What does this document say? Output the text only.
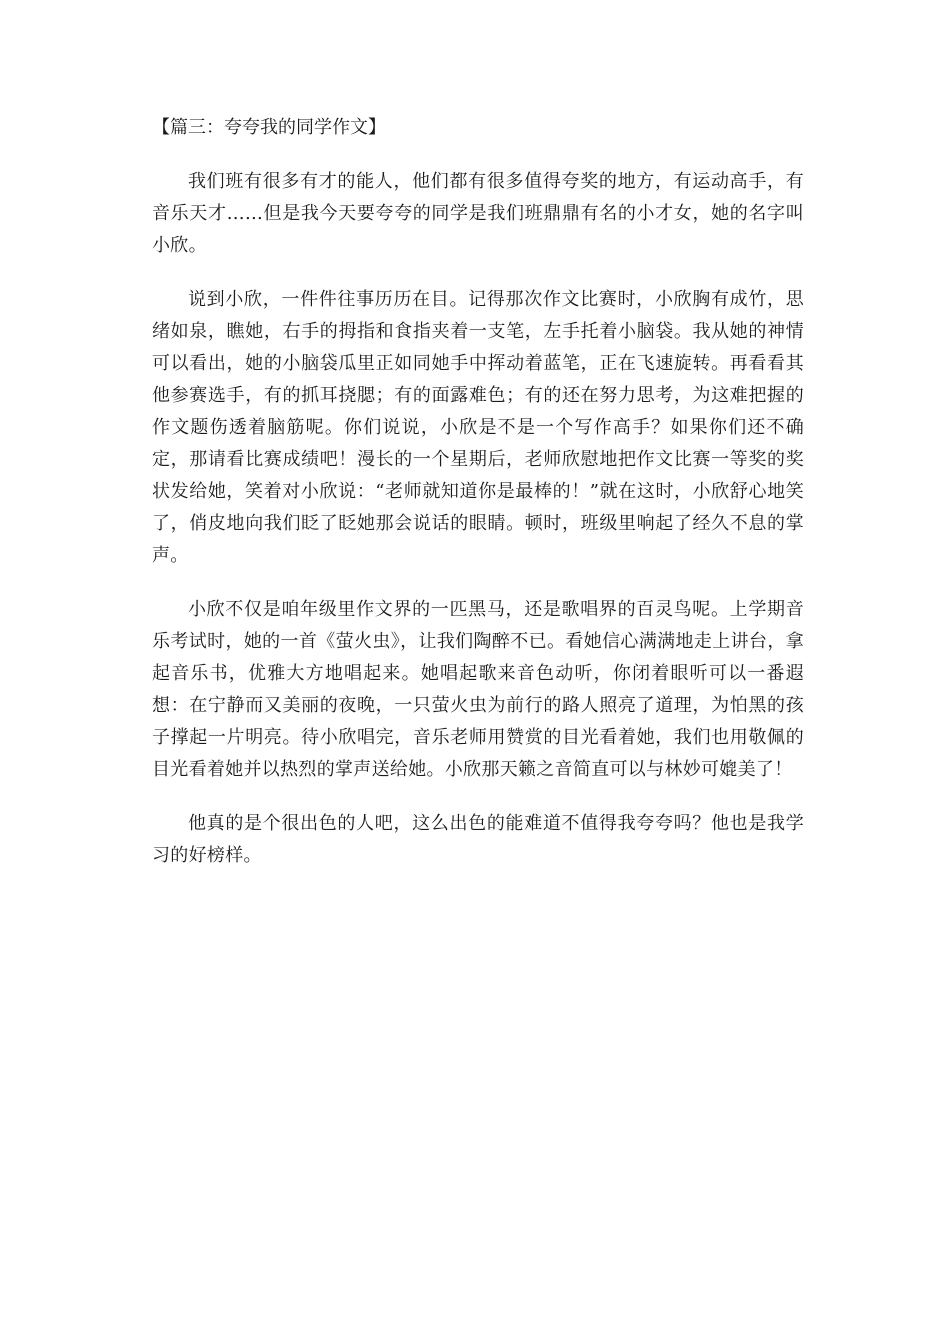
【篇三：夸夸我的同学作文】

我们班有很多有才的能人，他们都有很多值得夸奖的地方，有运动高手，有音乐天才……但是我今天要夸夸的同学是我们班鼎鼎有名的小才女，她的名字叫小欣。

说到小欣，一件件往事历历在目。记得那次作文比赛时，小欣胸有成竹，思绪如泉，瞧她，右手的拇指和食指夹着一支笔，左手托着小脑袋。我从她的神情可以看出，她的小脑袋瓜里正如同她手中挥动着蓝笔，正在飞速旋转。再看看其他参赛选手，有的抓耳挠腮；有的面露难色；有的还在努力思考，为这难把握的作文题伤透着脑筋呢。你们说说，小欣是不是一个写作高手？如果你们还不确定，那请看比赛成绩吧！漫长的一个星期后，老师欣慰地把作文比赛一等奖的奖状发给她，笑着对小欣说：“老师就知道你是最棒的！”就在这时，小欣舒心地笑了，俏皮地向我们眨了眨她那会说话的眼睛。顿时，班级里响起了经久不息的掌声。

小欣不仅是咱年级里作文界的一匹黑马，还是歌唱界的百灵鸟呢。上学期音乐考试时，她的一首《萤火虫》，让我们陶醉不已。看她信心满满地走上讲台，拿起音乐书，优雅大方地唱起来。她唱起歌来音色动听，你闭着眼听可以一番遐想：在宁静而又美丽的夜晚，一只萤火虫为前行的路人照亮了道理，为怕黑的孩子撑起一片明亮。待小欣唱完，音乐老师用赞赏的目光看着她，我们也用敬佩的目光看着她并以热烈的掌声送给她。小欣那天籁之音简直可以与林妙可媲美了！

他真的是个很出色的人吧，这么出色的能难道不值得我夸夸吗？他也是我学习的好榜样。
